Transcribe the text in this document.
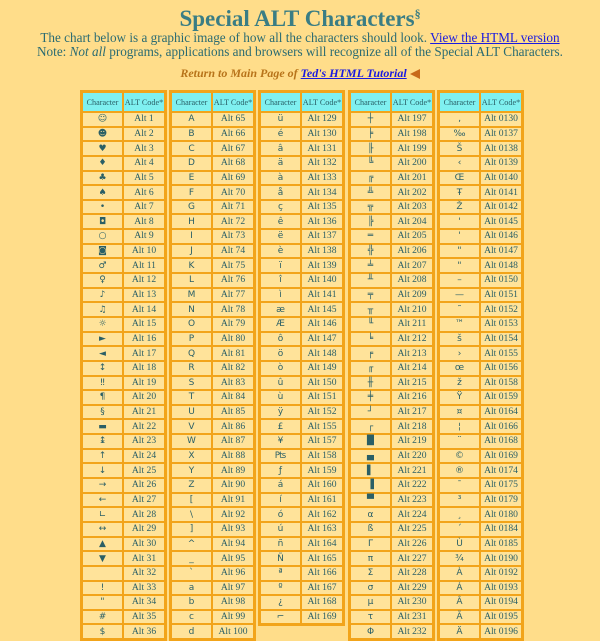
Special ALT Characters§
The chart below is a graphic image of how all the characters should look. View the HTML version
Note: Not all programs, applications and browsers will recognize all of the Special ALT Characters.
Return to Main Page of Ted's HTML Tutorial
Character	ALT Code*
☺	Alt 1
☻	Alt 2
♥	Alt 3
♦	Alt 4
♣	Alt 5
♠	Alt 6
•	Alt 7
◘	Alt 8
○	Alt 9
◙	Alt 10
♂	Alt 11
♀	Alt 12
♪	Alt 13
♫	Alt 14
☼	Alt 15
►	Alt 16
◄	Alt 17
↕	Alt 18
‼	Alt 19
¶	Alt 20
§	Alt 21
▬	Alt 22
↨	Alt 23
↑	Alt 24
↓	Alt 25
→	Alt 26
←	Alt 27
∟	Alt 28
↔	Alt 29
▲	Alt 30
▼	Alt 31
	Alt 32
!	Alt 33
"	Alt 34
#	Alt 35
$	Alt 36
Character	ALT Code*
A	Alt 65
B	Alt 66
C	Alt 67
D	Alt 68
E	Alt 69
F	Alt 70
G	Alt 71
H	Alt 72
I	Alt 73
J	Alt 74
K	Alt 75
L	Alt 76
M	Alt 77
N	Alt 78
O	Alt 79
P	Alt 80
Q	Alt 81
R	Alt 82
S	Alt 83
T	Alt 84
U	Alt 85
V	Alt 86
W	Alt 87
X	Alt 88
Y	Alt 89
Z	Alt 90
[	Alt 91
\	Alt 92
]	Alt 93
^	Alt 94
_	Alt 95
`	Alt 96
a	Alt 97
b	Alt 98
c	Alt 99
d	Alt 100
Character	ALT Code*
ü	Alt 129
é	Alt 130
â	Alt 131
ä	Alt 132
à	Alt 133
å	Alt 134
ç	Alt 135
ê	Alt 136
ë	Alt 137
è	Alt 138
ï	Alt 139
î	Alt 140
ì	Alt 141
æ	Alt 145
Æ	Alt 146
ô	Alt 147
ö	Alt 148
ò	Alt 149
û	Alt 150
ù	Alt 151
ÿ	Alt 152
£	Alt 155
¥	Alt 157
₧	Alt 158
ƒ	Alt 159
á	Alt 160
í	Alt 161
ó	Alt 162
ú	Alt 163
ñ	Alt 164
Ñ	Alt 165
ª	Alt 166
º	Alt 167
¿	Alt 168
⌐	Alt 169
Character	ALT Code*
┼	Alt 197
╞	Alt 198
╟	Alt 199
╚	Alt 200
╔	Alt 201
╩	Alt 202
╦	Alt 203
╠	Alt 204
═	Alt 205
╬	Alt 206
╧	Alt 207
╨	Alt 208
╤	Alt 209
╥	Alt 210
╙	Alt 211
╘	Alt 212
╒	Alt 213
╓	Alt 214
╫	Alt 215
╪	Alt 216
┘	Alt 217
┌	Alt 218
█	Alt 219
▄	Alt 220
▌	Alt 221
▐	Alt 222
▀	Alt 223
α	Alt 224
ß	Alt 225
Γ	Alt 226
π	Alt 227
Σ	Alt 228
σ	Alt 229
µ	Alt 230
τ	Alt 231
Φ	Alt 232
Character	ALT Code*
‚	Alt 0130
‰	Alt 0137
Š	Alt 0138
‹	Alt 0139
Œ	Alt 0140
Ŧ	Alt 0141
Ž	Alt 0142
'	Alt 0145
'	Alt 0146
"	Alt 0147
"	Alt 0148
–	Alt 0150
—	Alt 0151
˜	Alt 0152
™	Alt 0153
š	Alt 0154
›	Alt 0155
œ	Alt 0156
ž	Alt 0158
Ÿ	Alt 0159
¤	Alt 0164
¦	Alt 0166
¨	Alt 0168
©	Alt 0169
®	Alt 0174
¯	Alt 0175
³	Alt 0179
¸	Alt 0180
´	Alt 0184
Ù	Alt 0185
¾	Alt 0190
À	Alt 0192
Á	Alt 0193
Â	Alt 0194
Ã	Alt 0195
Ä	Alt 0196
